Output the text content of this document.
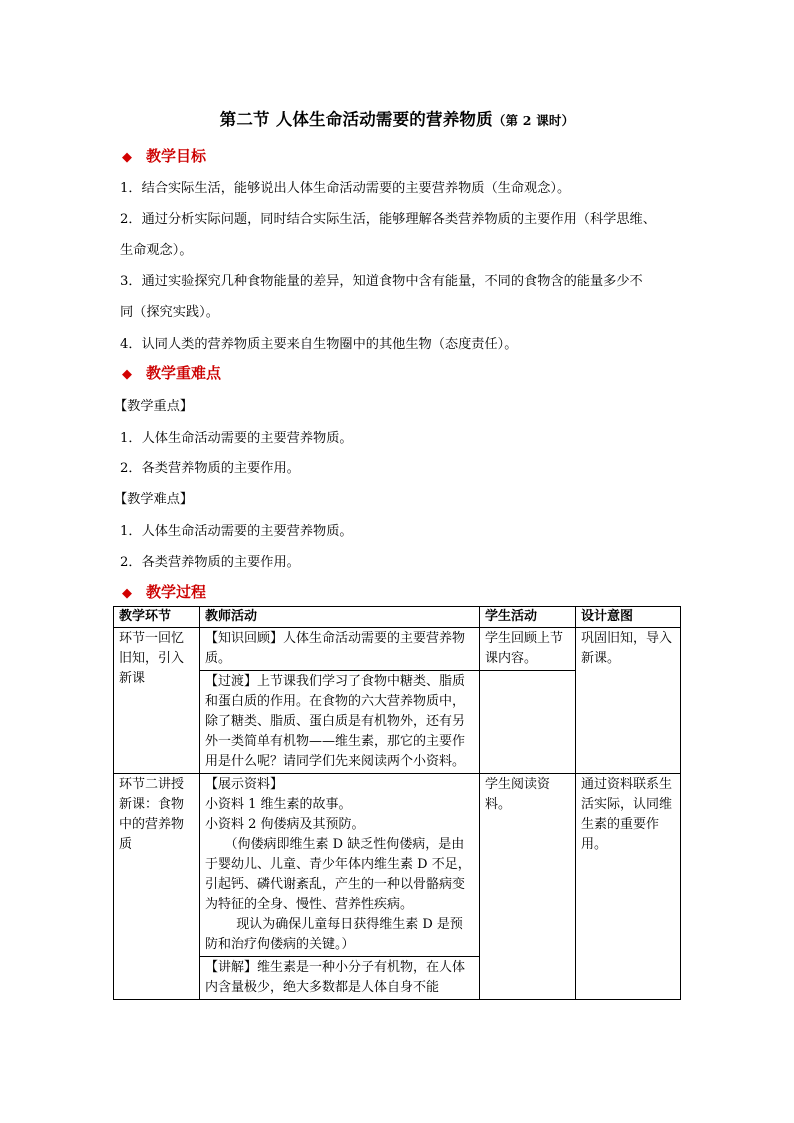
第二节 人体生命活动需要的营养物质（第 2 课时）
◆ 教学目标
1．结合实际生活，能够说出人体生命活动需要的主要营养物质（生命观念）。
2．通过分析实际问题，同时结合实际生活，能够理解各类营养物质的主要作用（科学思维、
生命观念）。
3．通过实验探究几种食物能量的差异，知道食物中含有能量，不同的食物含的能量多少不
同（探究实践）。
4．认同人类的营养物质主要来自生物圈中的其他生物（态度责任）。
◆ 教学重难点
【教学重点】
1．人体生命活动需要的主要营养物质。
2．各类营养物质的主要作用。
【教学难点】
1．人体生命活动需要的主要营养物质。
2．各类营养物质的主要作用。
◆ 教学过程
教学环节	教师活动	学生活动	设计意图
环节一回忆旧知，引入新课	【知识回顾】人体生命活动需要的主要营养物质。	学生回顾上节课内容。	巩固旧知，导入新课。
	【过渡】上节课我们学习了食物中糖类、脂质和蛋白质的作用。在食物的六大营养物质中，除了糖类、脂质、蛋白质是有机物外，还有另外一类简单有机物——维生素，那它的主要作用是什么呢？请同学们先来阅读两个小资料。		
环节二讲授新课：食物中的营养物质	【展示资料】
小资料 1 维生素的故事。
小资料 2 佝偻病及其预防。
（佝偻病即维生素 D 缺乏性佝偻病，是由于婴幼儿、儿童、青少年体内维生素 D 不足，引起钙、磷代谢紊乱，产生的一种以骨骼病变为特征的全身、慢性、营养性疾病。
现认为确保儿童每日获得维生素 D 是预防和治疗佝偻病的关键。）	学生阅读资料。	通过资料联系生活实际，认同维生素的重要作用。
	【讲解】维生素是一种小分子有机物，在人体内含量极少，绝大多数都是人体自身不能		
